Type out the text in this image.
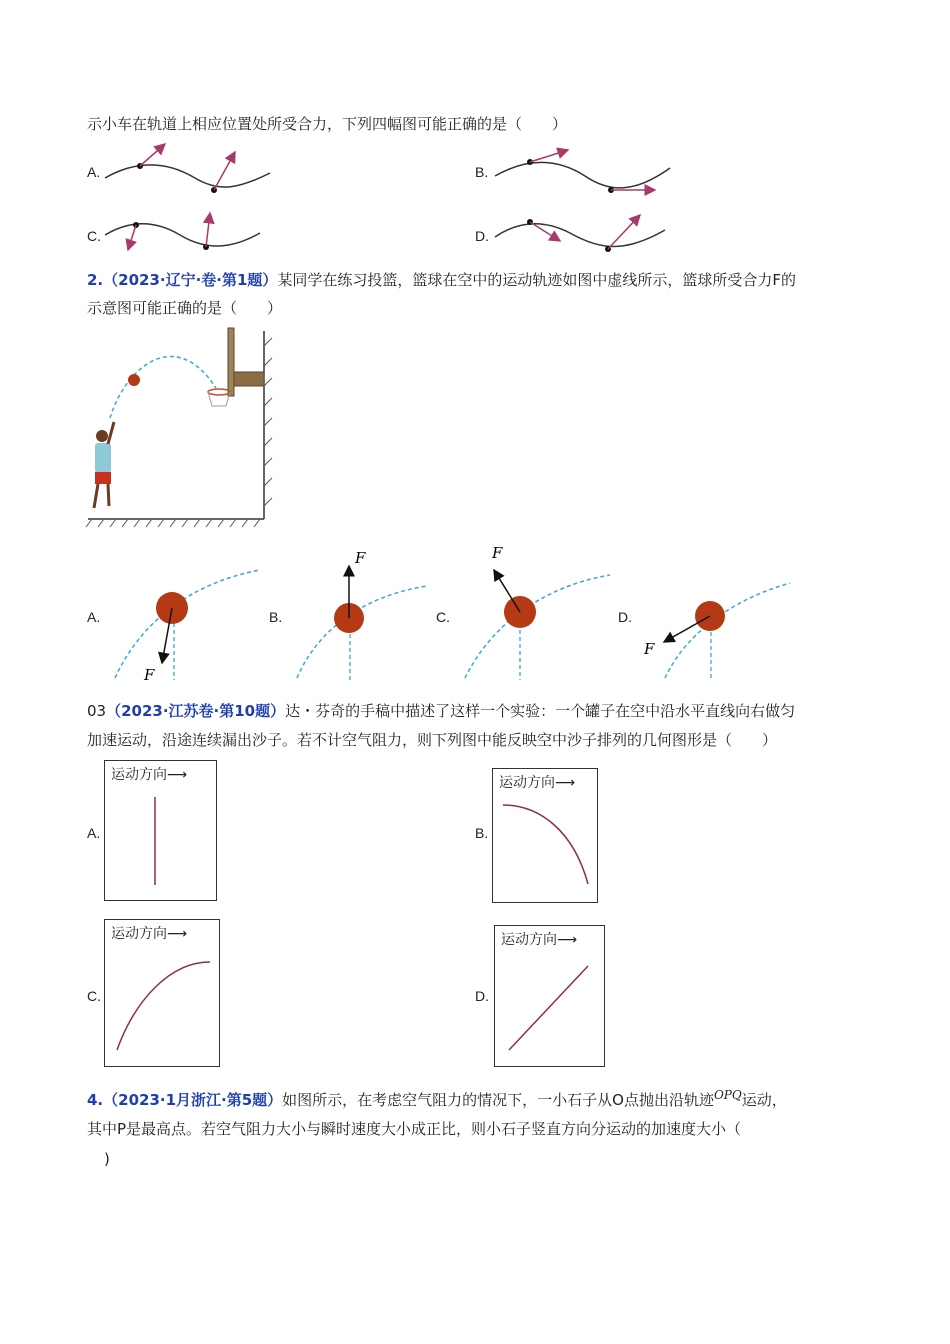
示小车在轨道上相应位置处所受合力，下列四幅图可能正确的是（　　）
A.	B.
C.	D.
2.（2023·辽宁·卷·第1题）某同学在练习投篮，篮球在空中的运动轨迹如图中虚线所示，篮球所受合力F的
示意图可能正确的是（　　）
A.
F
B.
F
C.
F
D.
F
03（2023·江苏卷·第10题）达・芬奇的手稿中描述了这样一个实验：一个罐子在空中沿水平直线向右做匀
加速运动，沿途连续漏出沙子。若不计空气阻力，则下列图中能反映空中沙子排列的几何图形是（　　）
A.
运动方向⟶
B.
运动方向⟶
C.
运动方向⟶
D.
运动方向⟶
4.（2023·1月浙江·第5题）如图所示，在考虑空气阻力的情况下，一小石子从O点抛出沿轨迹$^{OPQ}$运动，
其中P是最高点。若空气阻力大小与瞬时速度大小成正比，则小石子竖直方向分运动的加速度大小（
)
